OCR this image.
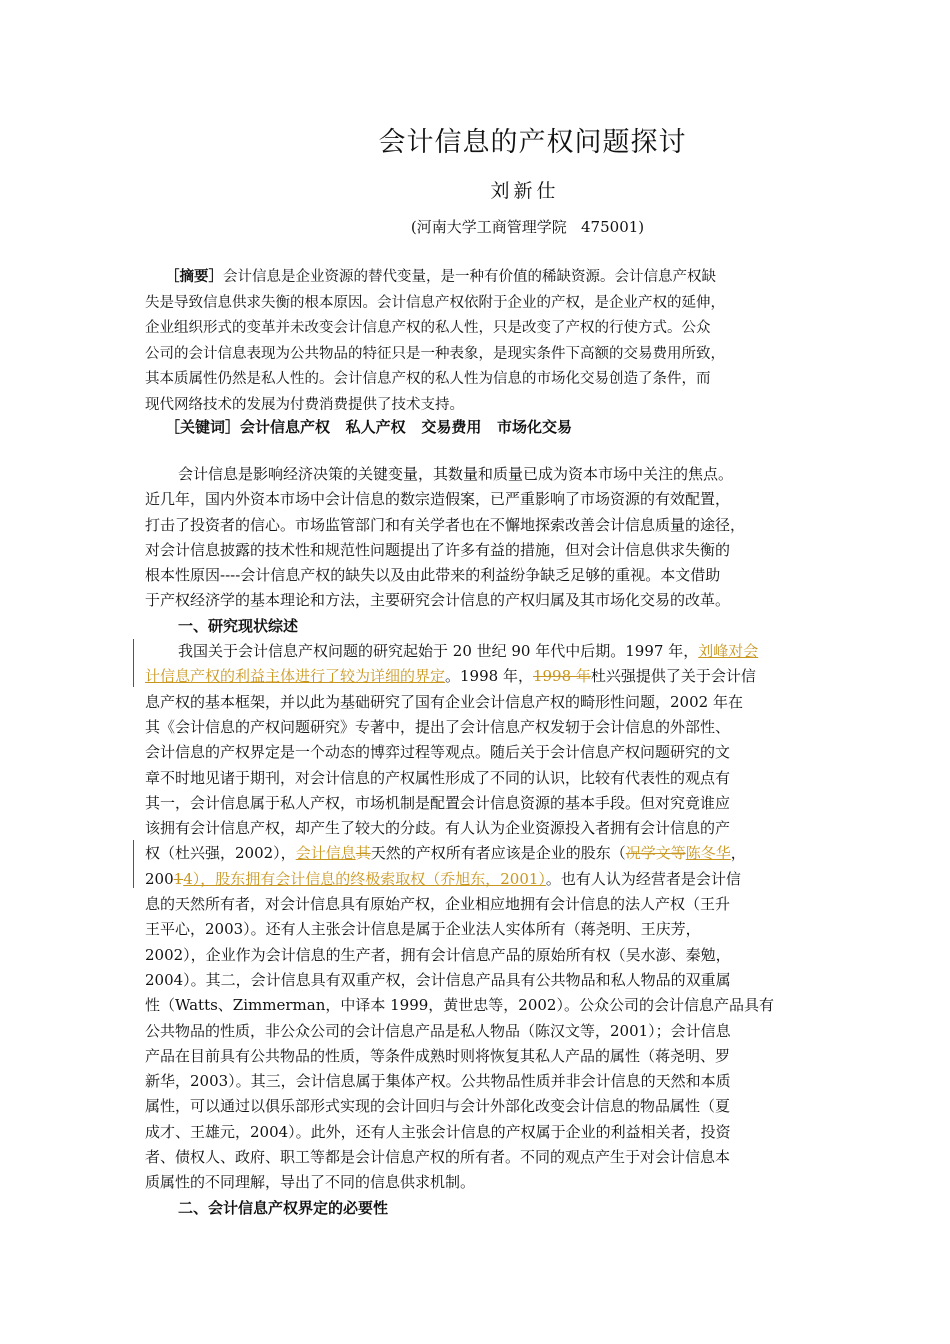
会计信息的产权问题探讨
刘新仕
(河南大学工商管理学院   475001)
［摘要］会计信息是企业资源的替代变量，是一种有价值的稀缺资源。会计信息产权缺
失是导致信息供求失衡的根本原因。会计信息产权依附于企业的产权，是企业产权的延伸，
企业组织形式的变革并未改变会计信息产权的私人性，只是改变了产权的行使方式。公众
公司的会计信息表现为公共物品的特征只是一种表象，是现实条件下高额的交易费用所致，
其本质属性仍然是私人性的。会计信息产权的私人性为信息的市场化交易创造了条件，而
现代网络技术的发展为付费消费提供了技术支持。
［关键词］会计信息产权   私人产权   交易费用   市场化交易
会计信息是影响经济决策的关键变量，其数量和质量已成为资本市场中关注的焦点。
近几年，国内外资本市场中会计信息的数宗造假案，已严重影响了市场资源的有效配置，
打击了投资者的信心。市场监管部门和有关学者也在不懈地探索改善会计信息质量的途径，
对会计信息披露的技术性和规范性问题提出了许多有益的措施，但对会计信息供求失衡的
根本性原因----会计信息产权的缺失以及由此带来的利益纷争缺乏足够的重视。本文借助
于产权经济学的基本理论和方法，主要研究会计信息的产权归属及其市场化交易的改革。
一、研究现状综述
我国关于会计信息产权问题的研究起始于 20 世纪 90 年代中后期。1997 年，刘峰对会
计信息产权的利益主体进行了较为详细的界定。1998 年，1998 年杜兴强提供了关于会计信
息产权的基本框架，并以此为基础研究了国有企业会计信息产权的畸形性问题，2002 年在
其《会计信息的产权问题研究》专著中，提出了会计信息产权发轫于会计信息的外部性、
会计信息的产权界定是一个动态的博弈过程等观点。随后关于会计信息产权问题研究的文
章不时地见诸于期刊，对会计信息的产权属性形成了不同的认识，比较有代表性的观点有
其一，会计信息属于私人产权，市场机制是配置会计信息资源的基本手段。但对究竟谁应
该拥有会计信息产权，却产生了较大的分歧。有人认为企业资源投入者拥有会计信息的产
权（杜兴强，2002），会计信息其天然的产权所有者应该是企业的股东（况学文等陈冬华，
20014），股东拥有会计信息的终极索取权（乔旭东，2001）。也有人认为经营者是会计信
息的天然所有者，对会计信息具有原始产权，企业相应地拥有会计信息的法人产权（王升
王平心，2003）。还有人主张会计信息是属于企业法人实体所有（蒋尧明、王庆芳，
2002），企业作为会计信息的生产者，拥有会计信息产品的原始所有权（吴水澎、秦勉，
2004）。其二，会计信息具有双重产权，会计信息产品具有公共物品和私人物品的双重属
性（Watts、Zimmerman，中译本 1999，黄世忠等，2002）。公众公司的会计信息产品具有
公共物品的性质，非公众公司的会计信息产品是私人物品（陈汉文等，2001）；会计信息
产品在目前具有公共物品的性质，等条件成熟时则将恢复其私人产品的属性（蒋尧明、罗
新华，2003）。其三，会计信息属于集体产权。公共物品性质并非会计信息的天然和本质
属性，可以通过以俱乐部形式实现的会计回归与会计外部化改变会计信息的物品属性（夏
成才、王雄元，2004）。此外，还有人主张会计信息的产权属于企业的利益相关者，投资
者、债权人、政府、职工等都是会计信息产权的所有者。不同的观点产生于对会计信息本
质属性的不同理解，导出了不同的信息供求机制。
二、会计信息产权界定的必要性
